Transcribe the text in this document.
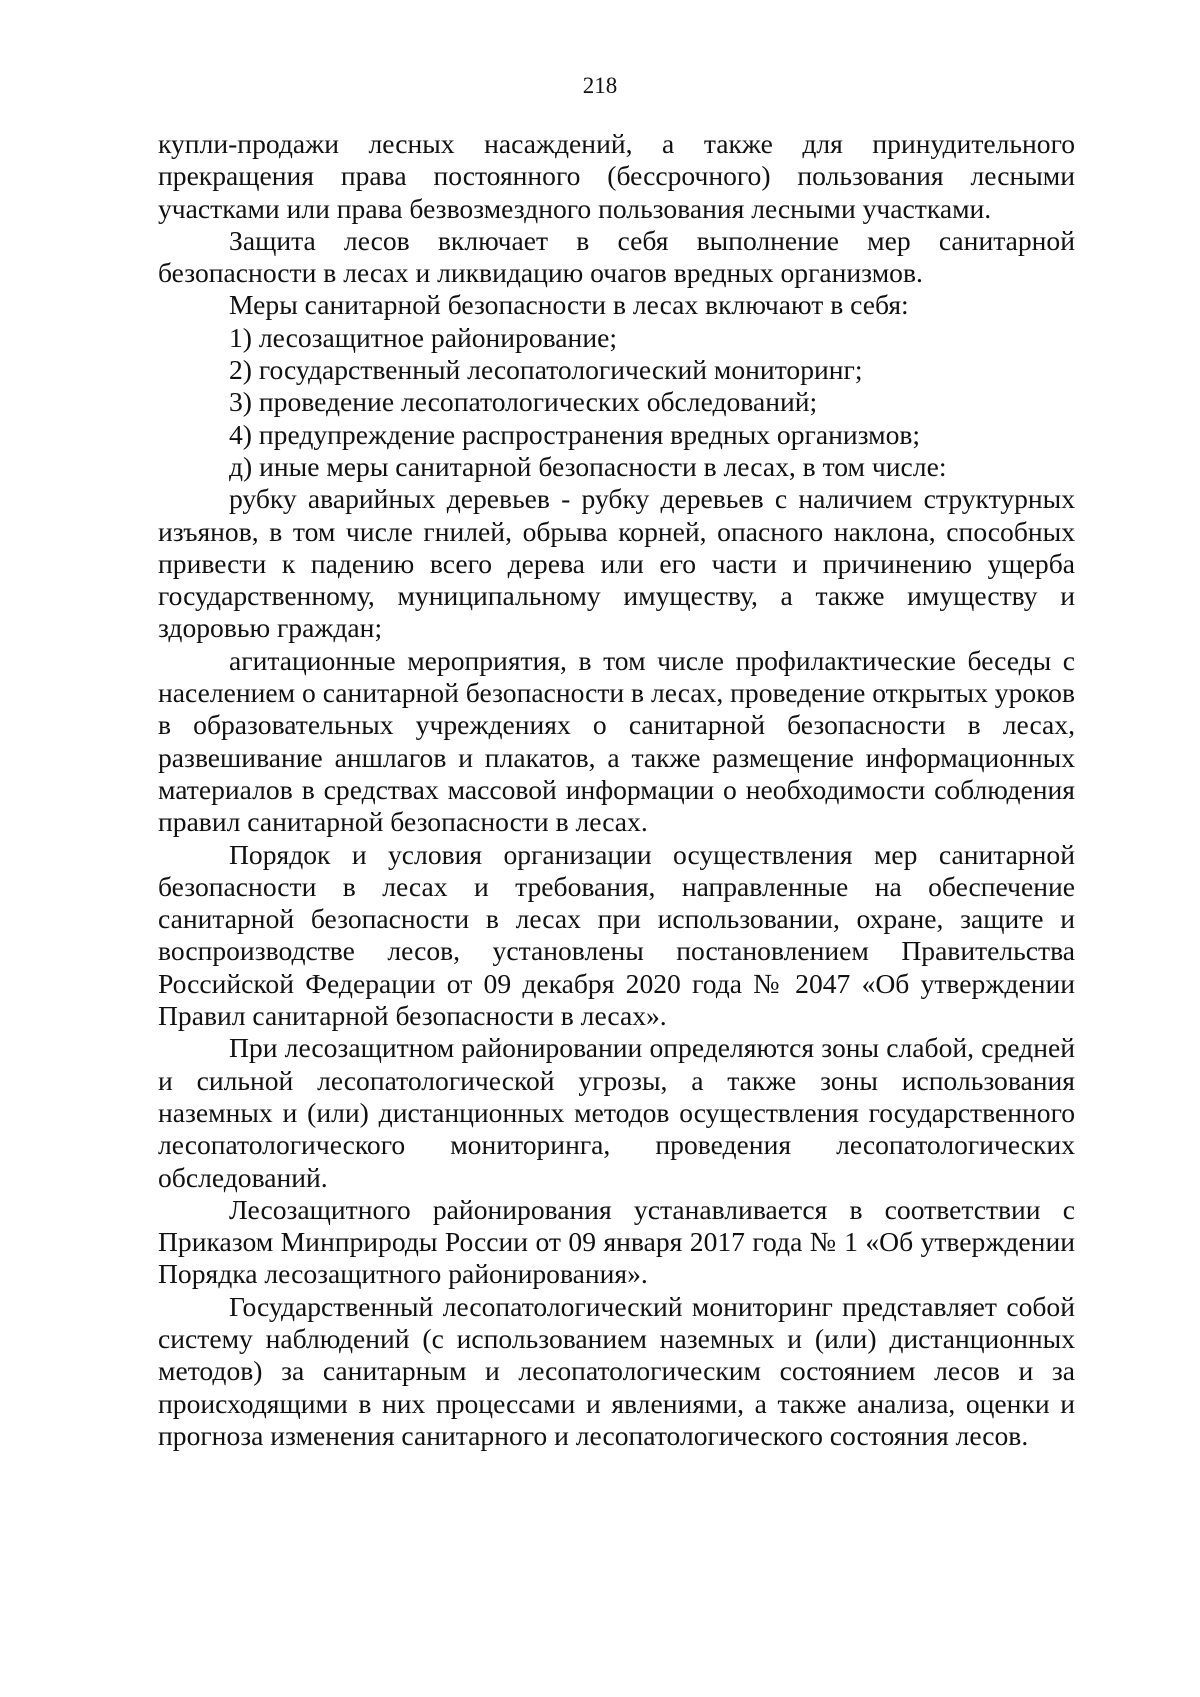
218

купли-продажи лесных насаждений, а также для принудительного прекращения права постоянного (бессрочного) пользования лесными участками или права безвозмездного пользования лесными участками.

Защита лесов включает в себя выполнение мер санитарной безопасности в лесах и ликвидацию очагов вредных организмов.

Меры санитарной безопасности в лесах включают в себя:

1) лесозащитное районирование;

2) государственный лесопатологический мониторинг;

3) проведение лесопатологических обследований;

4) предупреждение распространения вредных организмов;

д) иные меры санитарной безопасности в лесах, в том числе:

рубку аварийных деревьев - рубку деревьев с наличием структурных изъянов, в том числе гнилей, обрыва корней, опасного наклона, способных привести к падению всего дерева или его части и причинению ущерба государственному, муниципальному имуществу, а также имуществу и здоровью граждан;

агитационные мероприятия, в том числе профилактические беседы с населением о санитарной безопасности в лесах, проведение открытых уроков в образовательных учреждениях о санитарной безопасности в лесах, развешивание аншлагов и плакатов, а также размещение информационных материалов в средствах массовой информации о необходимости соблюдения правил санитарной безопасности в лесах.

Порядок и условия организации осуществления мер санитарной безопасности в лесах и требования, направленные на обеспечение санитарной безопасности в лесах при использовании, охране, защите и воспроизводстве лесов, установлены постановлением Правительства Российской Федерации от 09 декабря 2020 года № 2047 «Об утверждении Правил санитарной безопасности в лесах».

При лесозащитном районировании определяются зоны слабой, средней и сильной лесопатологической угрозы, а также зоны использования наземных и (или) дистанционных методов осуществления государственного лесопатологического мониторинга, проведения лесопатологических обследований.

Лесозащитного районирования устанавливается в соответствии с Приказом Минприроды России от 09 января 2017 года № 1 «Об утверждении Порядка лесозащитного районирования».

Государственный лесопатологический мониторинг представляет собой систему наблюдений (с использованием наземных и (или) дистанционных методов) за санитарным и лесопатологическим состоянием лесов и за происходящими в них процессами и явлениями, а также анализа, оценки и прогноза изменения санитарного и лесопатологического состояния лесов.
